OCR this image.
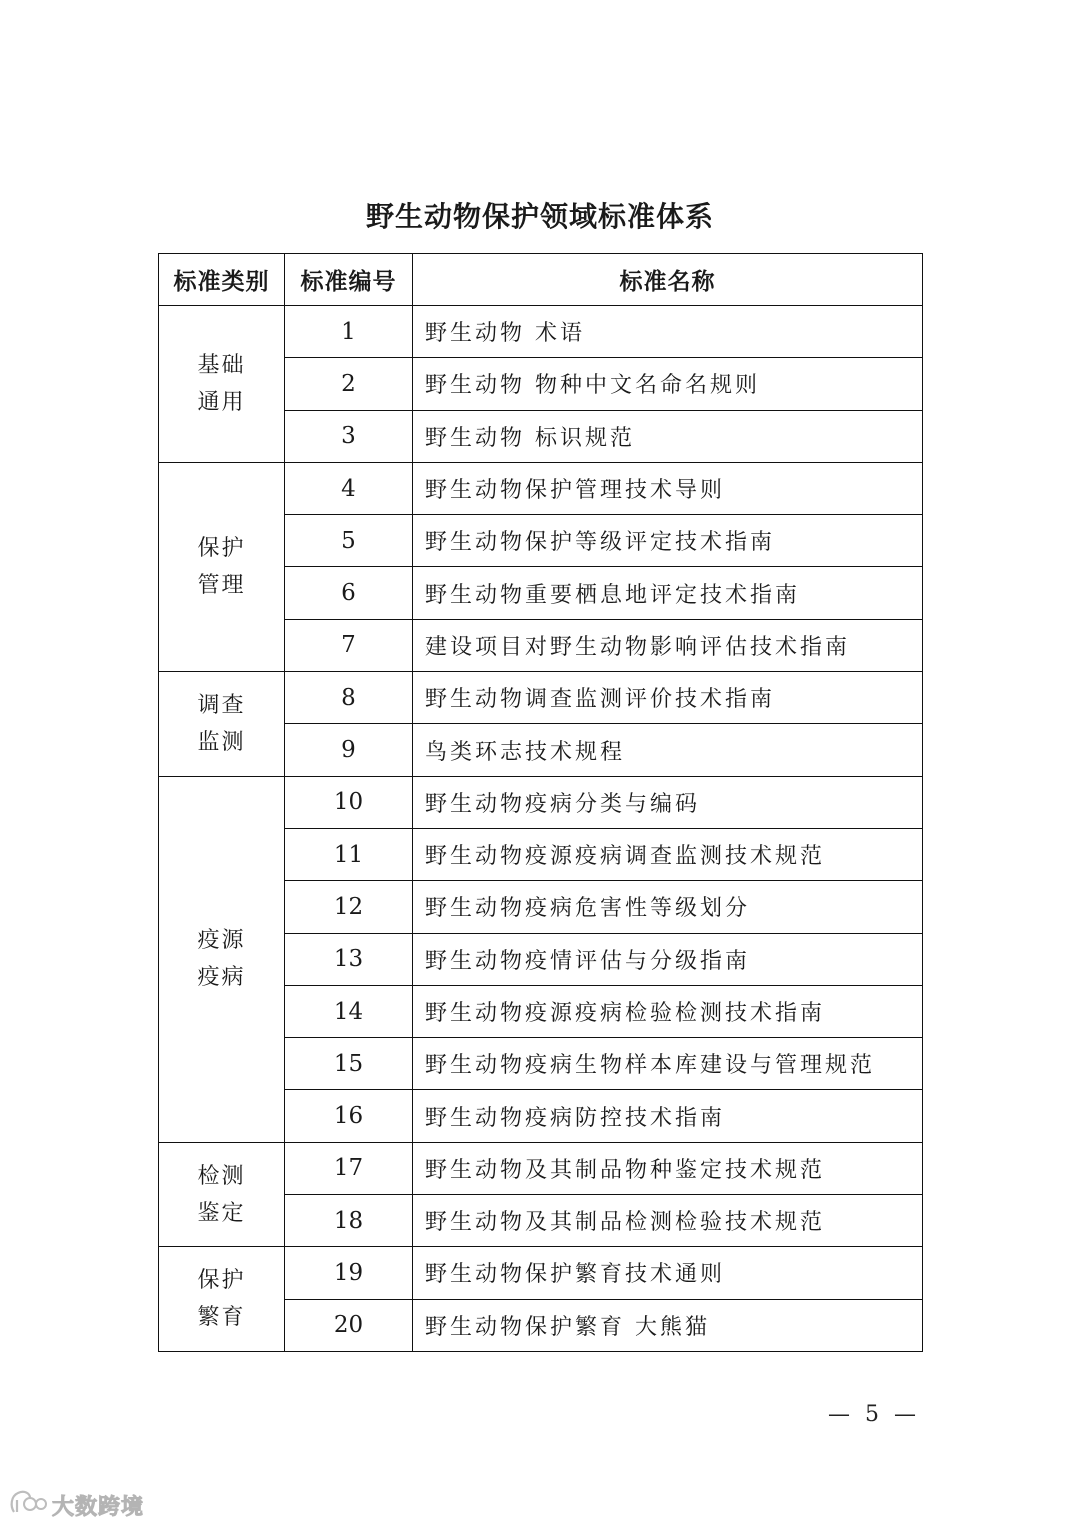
野生动物保护领域标准体系
标准类别	标准编号	标准名称

基础
通用	1	野生动物 术语
	2	野生动物 物种中文名命名规则
	3	野生动物 标识规范

保护
管理	4	野生动物保护管理技术导则
	5	野生动物保护等级评定技术指南
	6	野生动物重要栖息地评定技术指南
	7	建设项目对野生动物影响评估技术指南

调查
监测	8	野生动物调查监测评价技术指南
	9	鸟类环志技术规程

疫源
疫病	10	野生动物疫病分类与编码
	11	野生动物疫源疫病调查监测技术规范
	12	野生动物疫病危害性等级划分
	13	野生动物疫情评估与分级指南
	14	野生动物疫源疫病检验检测技术指南
	15	野生动物疫病生物样本库建设与管理规范
	16	野生动物疫病防控技术指南

检测
鉴定	17	野生动物及其制品物种鉴定技术规范
	18	野生动物及其制品检测检验技术规范

保护
繁育	19	野生动物保护繁育技术通则
	20	野生动物保护繁育 大熊猫
— 5 —
大数跨境
